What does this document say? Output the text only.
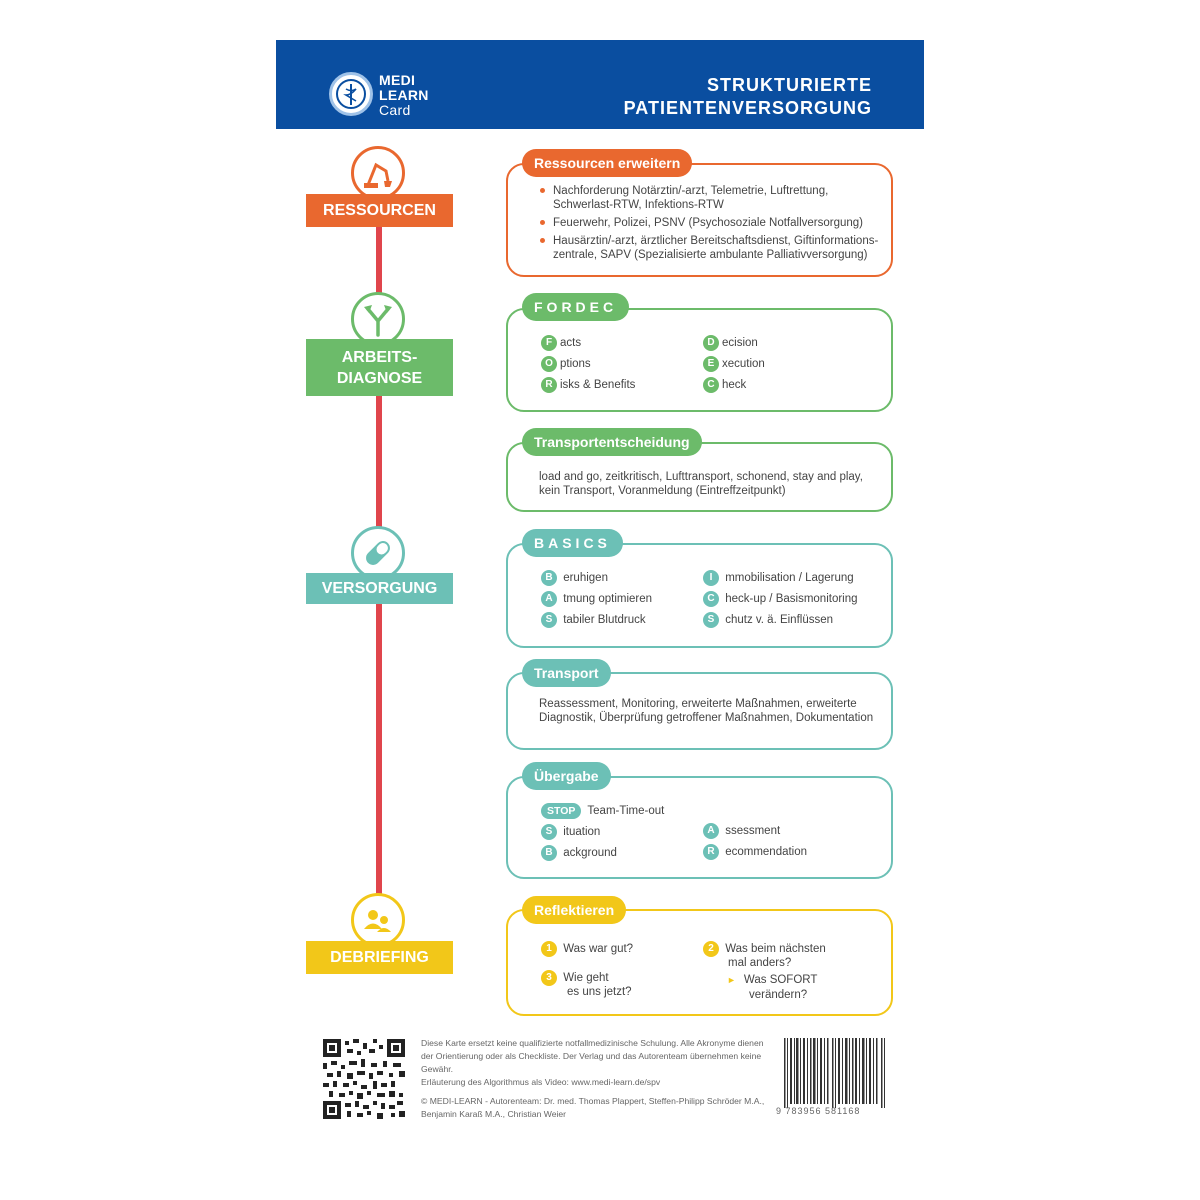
MEDI
LEARN
Card
STRUKTURIERTE
PATIENTENVERSORGUNG
RESSOURCEN
ARBEITS-
DIAGNOSE
VERSORGUNG
DEBRIEFING
Ressourcen erweitern
Nachforderung Notärztin/-arzt, Telemetrie, Luftrettung, Schwerlast-RTW, Infektions-RTW
Feuerwehr, Polizei, PSNV (Psychosoziale Notfallversorgung)
Hausärztin/-arzt, ärztlicher Bereitschaftsdienst, Giftinformations-zentrale, SAPV (Spezialisierte ambulante Palliativversorgung)
FORDEC
F acts
O ptions
R isks & Benefits
D ecision
E xecution
C heck
Transportentscheidung
load and go, zeitkritisch, Lufttransport, schonend, stay and play, kein Transport, Voranmeldung (Eintreffzeitpunkt)
BASICS
B eruhigen
A tmung optimieren
S tabiler Blutdruck
I mmobilisation / Lagerung
C heck-up / Basismonitoring
S chutz v. ä. Einflüssen
Transport
Reassessment, Monitoring, erweiterte Maßnahmen, erweiterte Diagnostik, Überprüfung getroffener Maßnahmen, Dokumentation
Übergabe
STOP Team-Time-out
S ituation
B ackground
A ssessment
R ecommendation
Reflektieren
1 Was war gut?
3 Wie geht
es uns jetzt?
2 Was beim nächsten
mal anders?
► Was SOFORT
verändern?
Diese Karte ersetzt keine qualifizierte notfallmedizinische Schulung. Alle Akronyme dienen der Orientierung oder als Checkliste. Der Verlag und das Autorenteam übernehmen keine Gewähr.
Erläuterung des Algorithmus als Video: www.medi-learn.de/spv
© MEDI-LEARN - Autorenteam: Dr. med. Thomas Plappert, Steffen-Philipp Schröder M.A., Benjamin Karaß M.A., Christian Weier	9 783956 581168
